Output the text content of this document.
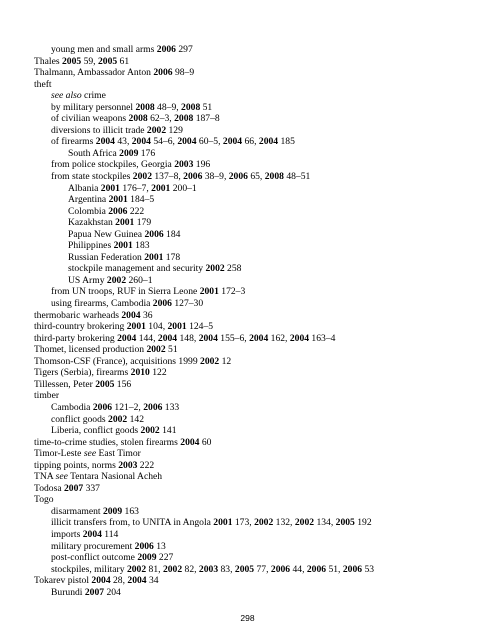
young men and small arms 2006 297
Thales 2005 59, 2005 61
Thalmann, Ambassador Anton 2006 98–9
theft
see also crime
by military personnel 2008 48–9, 2008 51
of civilian weapons 2008 62–3, 2008 187–8
diversions to illicit trade 2002 129
of firearms 2004 43, 2004 54–6, 2004 60–5, 2004 66, 2004 185
South Africa 2009 176
from police stockpiles, Georgia 2003 196
from state stockpiles 2002 137–8, 2006 38–9, 2006 65, 2008 48–51
Albania 2001 176–7, 2001 200–1
Argentina 2001 184–5
Colombia 2006 222
Kazakhstan 2001 179
Papua New Guinea 2006 184
Philippines 2001 183
Russian Federation 2001 178
stockpile management and security 2002 258
US Army 2002 260–1
from UN troops, RUF in Sierra Leone 2001 172–3
using firearms, Cambodia 2006 127–30
thermobaric warheads 2004 36
third-country brokering 2001 104, 2001 124–5
third-party brokering 2004 144, 2004 148, 2004 155–6, 2004 162, 2004 163–4
Thomet, licensed production 2002 51
Thomson-CSF (France), acquisitions 1999 2002 12
Tigers (Serbia), firearms 2010 122
Tillessen, Peter 2005 156
timber
Cambodia 2006 121–2, 2006 133
conflict goods 2002 142
Liberia, conflict goods 2002 141
time-to-crime studies, stolen firearms 2004 60
Timor-Leste see East Timor
tipping points, norms 2003 222
TNA see Tentara Nasional Acheh
Todosa 2007 337
Togo
disarmament 2009 163
illicit transfers from, to UNITA in Angola 2001 173, 2002 132, 2002 134, 2005 192
imports 2004 114
military procurement 2006 13
post-conflict outcome 2009 227
stockpiles, military 2002 81, 2002 82, 2003 83, 2005 77, 2006 44, 2006 51, 2006 53
Tokarev pistol 2004 28, 2004 34
Burundi 2007 204
298
